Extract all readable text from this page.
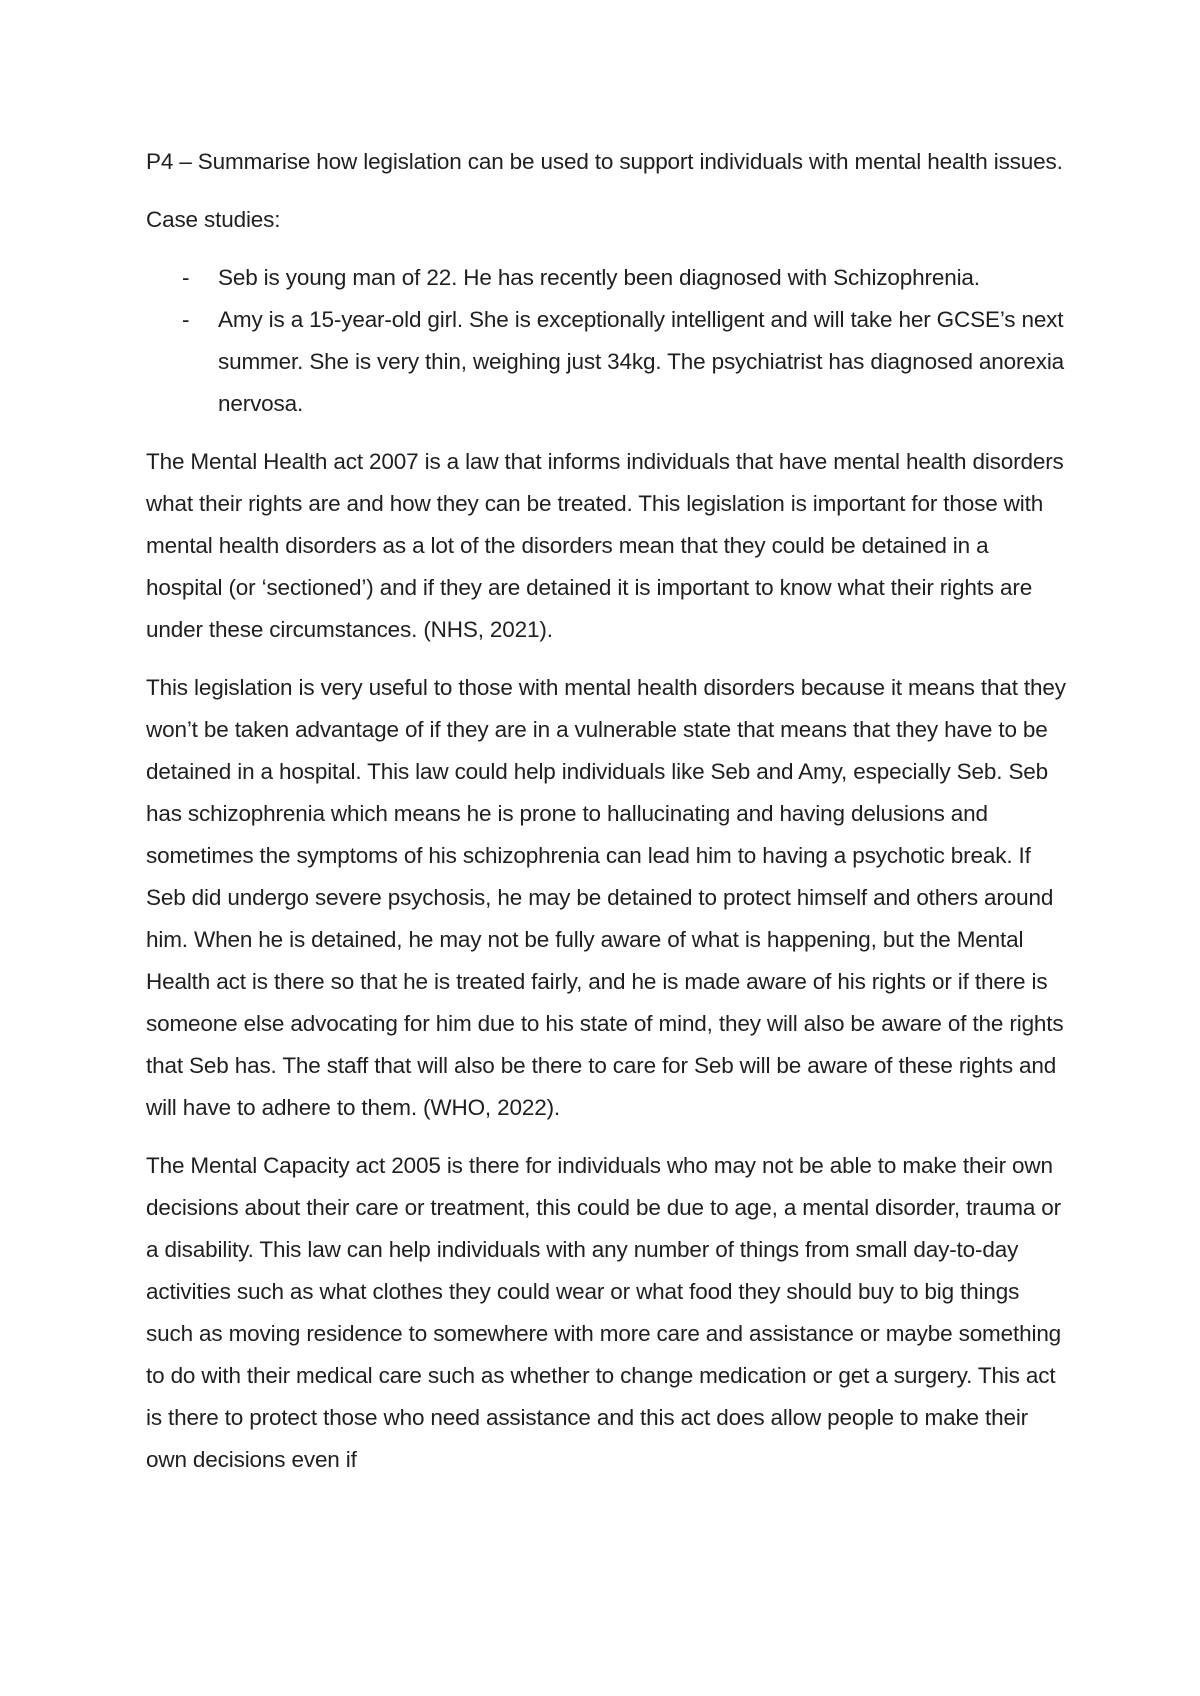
P4 – Summarise how legislation can be used to support individuals with mental health issues.

Case studies:

- Seb is young man of 22. He has recently been diagnosed with Schizophrenia.
- Amy is a 15-year-old girl. She is exceptionally intelligent and will take her GCSE’s next summer. She is very thin, weighing just 34kg. The psychiatrist has diagnosed anorexia nervosa.

The Mental Health act 2007 is a law that informs individuals that have mental health disorders what their rights are and how they can be treated. This legislation is important for those with mental health disorders as a lot of the disorders mean that they could be detained in a hospital (or ‘sectioned’) and if they are detained it is important to know what their rights are under these circumstances. (NHS, 2021).

This legislation is very useful to those with mental health disorders because it means that they won’t be taken advantage of if they are in a vulnerable state that means that they have to be detained in a hospital. This law could help individuals like Seb and Amy, especially Seb. Seb has schizophrenia which means he is prone to hallucinating and having delusions and sometimes the symptoms of his schizophrenia can lead him to having a psychotic break. If Seb did undergo severe psychosis, he may be detained to protect himself and others around him. When he is detained, he may not be fully aware of what is happening, but the Mental Health act is there so that he is treated fairly, and he is made aware of his rights or if there is someone else advocating for him due to his state of mind, they will also be aware of the rights that Seb has. The staff that will also be there to care for Seb will be aware of these rights and will have to adhere to them. (WHO, 2022).

The Mental Capacity act 2005 is there for individuals who may not be able to make their own decisions about their care or treatment, this could be due to age, a mental disorder, trauma or a disability. This law can help individuals with any number of things from small day-to-day activities such as what clothes they could wear or what food they should buy to big things such as moving residence to somewhere with more care and assistance or maybe something to do with their medical care such as whether to change medication or get a surgery. This act is there to protect those who need assistance and this act does allow people to make their own decisions even if
